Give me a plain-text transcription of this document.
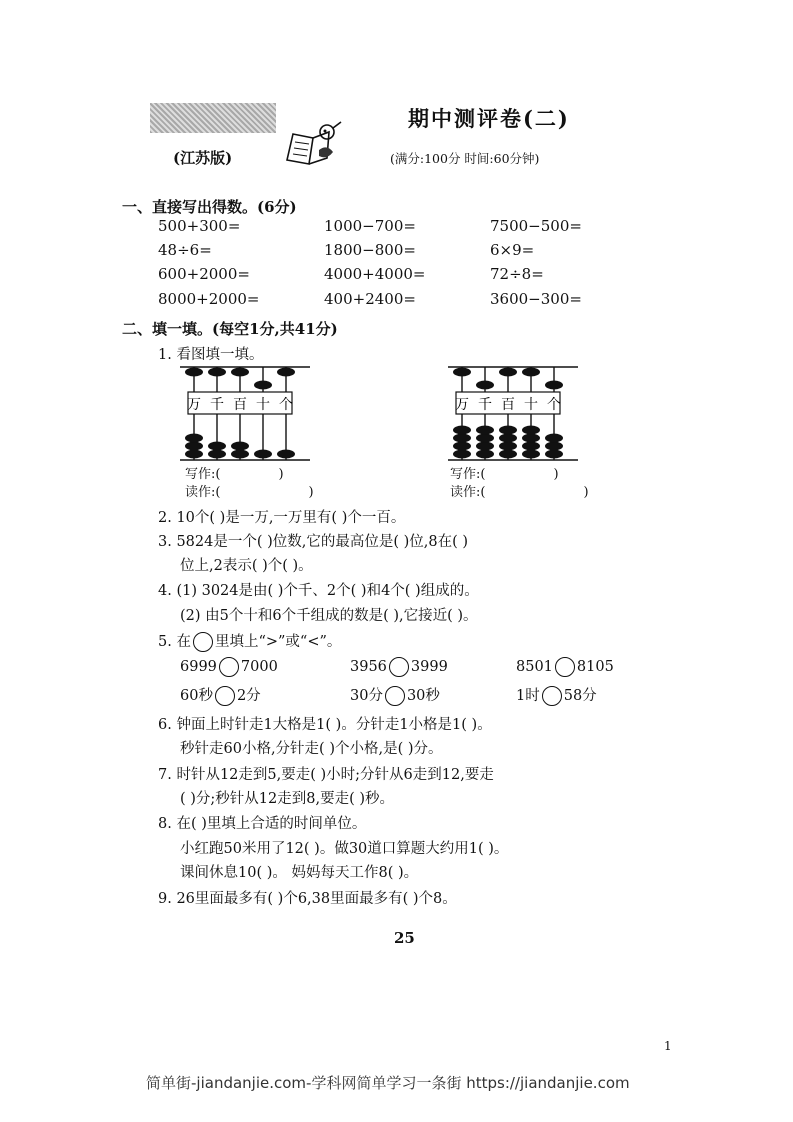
期中测评卷(二)
(江苏版)	(满分:100分 时间:60分钟)
一、直接写出得数。(6分)
500+300=	1000−700=	7500−500=
48÷6=	1800−800=	6×9=
600+2000=	4000+4000=	72÷8=
8000+2000=	400+2400=	3600−300=
二、填一填。(每空1分,共41分)
1. 看图填一填。
万 千 百 十 个	万 千 百 十 个
写作:(	)
读作:(	)
写作:(	)
读作:(	)
2. 10个( )是一万,一万里有( )个一百。
3. 5824是一个( )位数,它的最高位是( )位,8在( )
位上,2表示( )个( )。
4. (1) 3024是由( )个千、2个( )和4个( )组成的。
(2) 由5个十和6个千组成的数是( ),它接近( )。
5. 在 里填上“>”或“<”。
6999 7000	3956 3999	8501 8105
60秒 2分	30分 30秒	1时 58分
6. 钟面上时针走1大格是1( )。分针走1小格是1( )。
秒针走60小格,分针走( )个小格,是( )分。
7. 时针从12走到5,要走( )小时;分针从6走到12,要走
( )分;秒针从12走到8,要走( )秒。
8. 在( )里填上合适的时间单位。
小红跑50米用了12( )。做30道口算题大约用1( )。
课间休息10( )。 妈妈每天工作8( )。
9. 26里面最多有( )个6,38里面最多有( )个8。
25
1
简单街-jiandanjie.com-学科网简单学习一条街 https://jiandanjie.com
